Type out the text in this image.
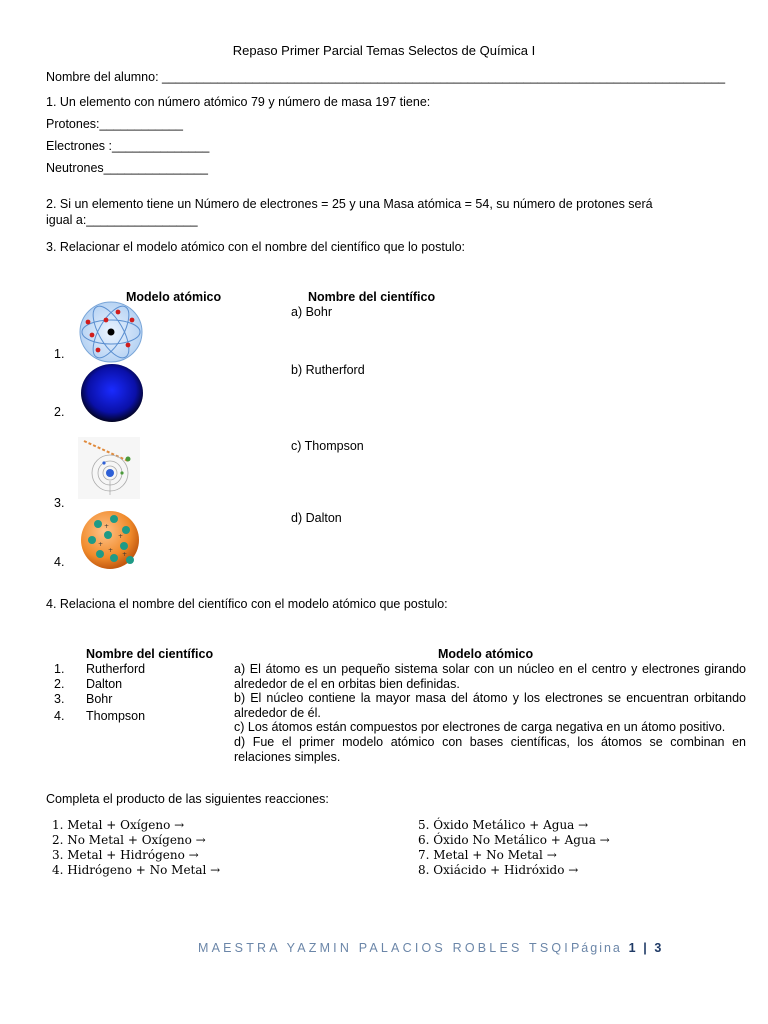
Repaso Primer Parcial Temas Selectos de Química I
Nombre del alumno: _________________________________________________________________________________
1. Un elemento con número atómico 79 y número de masa 197 tiene:
Protones:____________
Electrones :______________
Neutrones_______________
2. Si un elemento tiene un Número de electrones = 25 y una Masa atómica = 54, su número de protones será
igual a:________________
3. Relacionar el modelo atómico con el nombre del científico que lo postulo:
Modelo atómico	Nombre del científico
a) Bohr
b) Rutherford
c) Thompson
d) Dalton
1.
2.
3.
4.
+
+
+
+
+
4. Relaciona el nombre del científico con el modelo atómico que postulo:
Nombre del científico	Modelo atómico
1. Rutherford
2. Dalton
3. Bohr
4. Thompson
a) El átomo es un pequeño sistema solar con un núcleo en el centro y electrones girando alrededor de el en orbitas bien definidas.
b) El núcleo contiene la mayor masa del átomo y los electrones se encuentran orbitando alrededor de él.
c) Los átomos están compuestos por electrones de carga negativa en un átomo positivo.
d) Fue el primer modelo atómico con bases científicas, los átomos se combinan en relaciones simples.
Completa el producto de las siguientes reacciones:
1. Metal + Oxígeno →
2. No Metal + Oxígeno →
3. Metal + Hidrógeno →
4. Hidrógeno + No Metal →
5. Óxido Metálico + Agua →
6. Óxido No Metálico + Agua →
7. Metal + No Metal →
8. Oxiácido + Hidróxido →
MAESTRA YAZMIN PALACIOS ROBLES TSQIPágina 1 | 3
